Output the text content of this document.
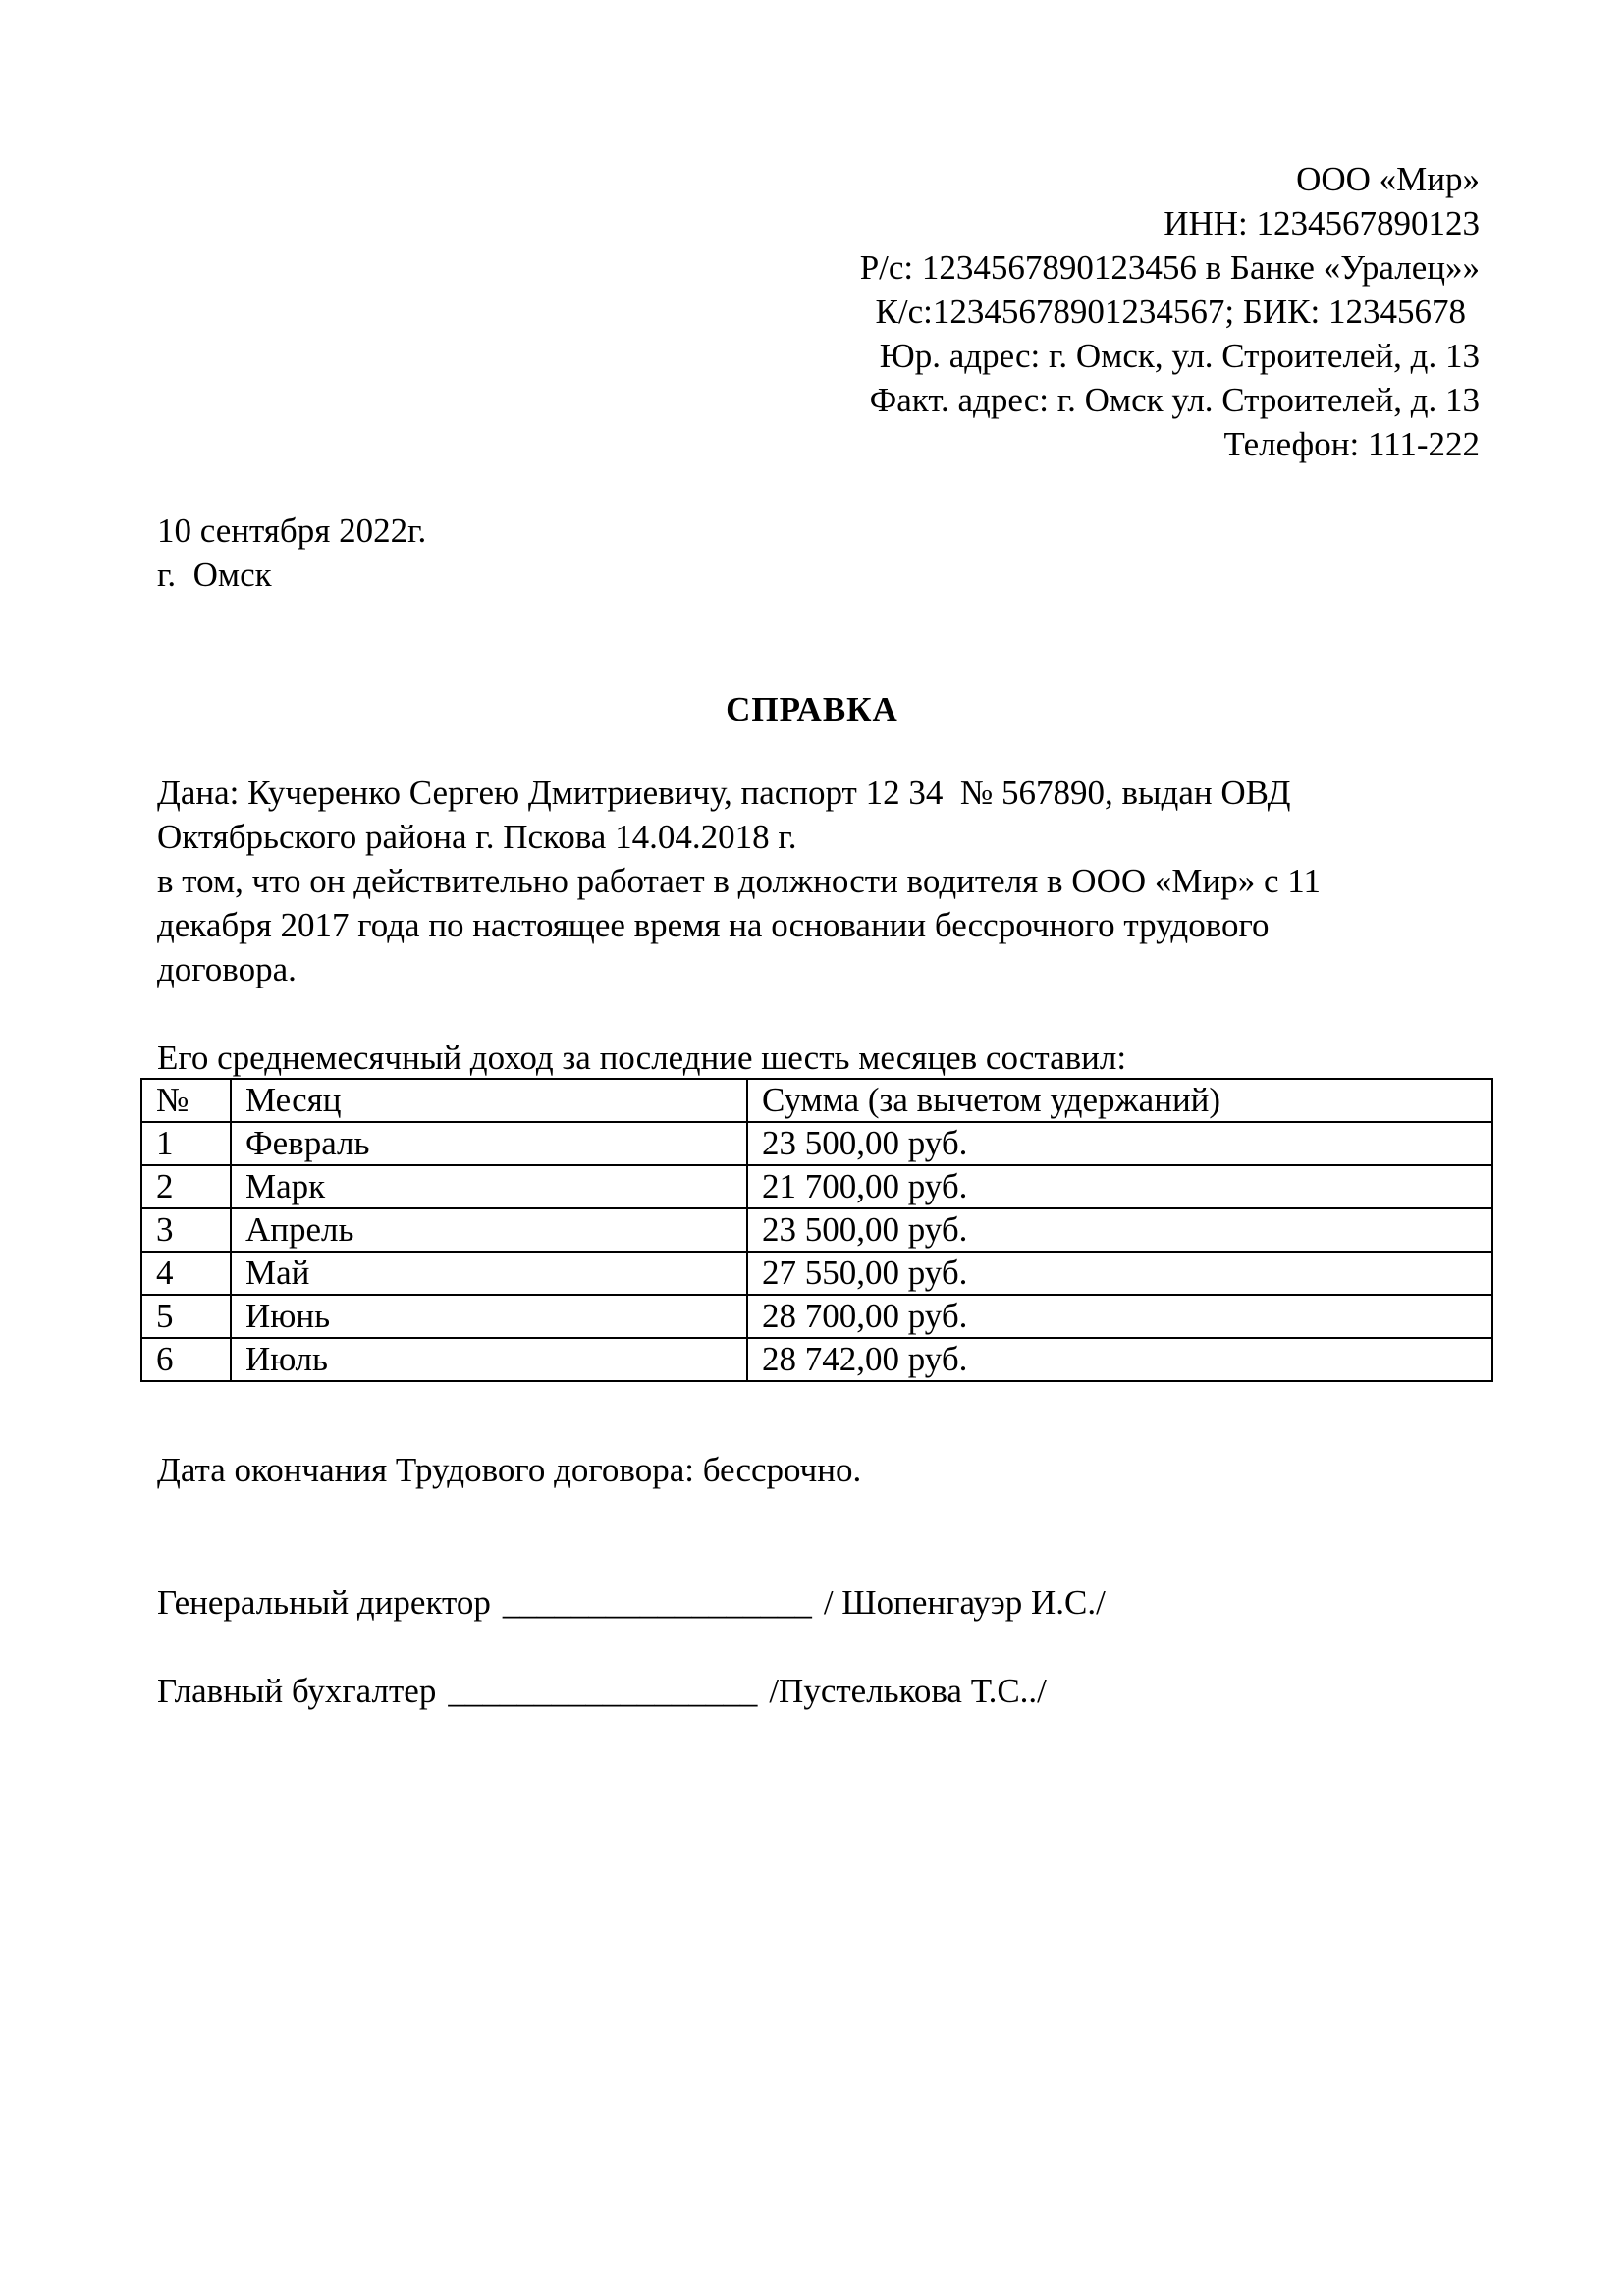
ООО «Мир»
ИНН: 1234567890123
Р/с: 1234567890123456 в Банке «Уралец»»
К/с:12345678901234567; БИК: 12345678
Юр. адрес: г. Омск, ул. Строителей, д. 13
Факт. адрес: г. Омск ул. Строителей, д. 13
Телефон: 111-222
10 сентября 2022г.
г.  Омск
СПРАВКА
Дана: Кучеренко Сергею Дмитриевичу, паспорт 12 34  № 567890, выдан ОВД
Октябрьского района г. Пскова 14.04.2018 г.
в том, что он действительно работает в должности водителя в ООО «Мир» с 11
декабря 2017 года по настоящее время на основании бессрочного трудового
договора.
Его среднемесячный доход за последние шесть месяцев составил:
№	Месяц	Сумма (за вычетом удержаний)
1	Февраль	23 500,00 руб.
2	Марк	21 700,00 руб.
3	Апрель	23 500,00 руб.
4	Май	27 550,00 руб.
5	Июнь	28 700,00 руб.
6	Июль	28 742,00 руб.
Дата окончания Трудового договора: бессрочно.
Генеральный директор __________________ / Шопенгауэр И.С./
Главный бухгалтер __________________ /Пустелькова Т.С../
